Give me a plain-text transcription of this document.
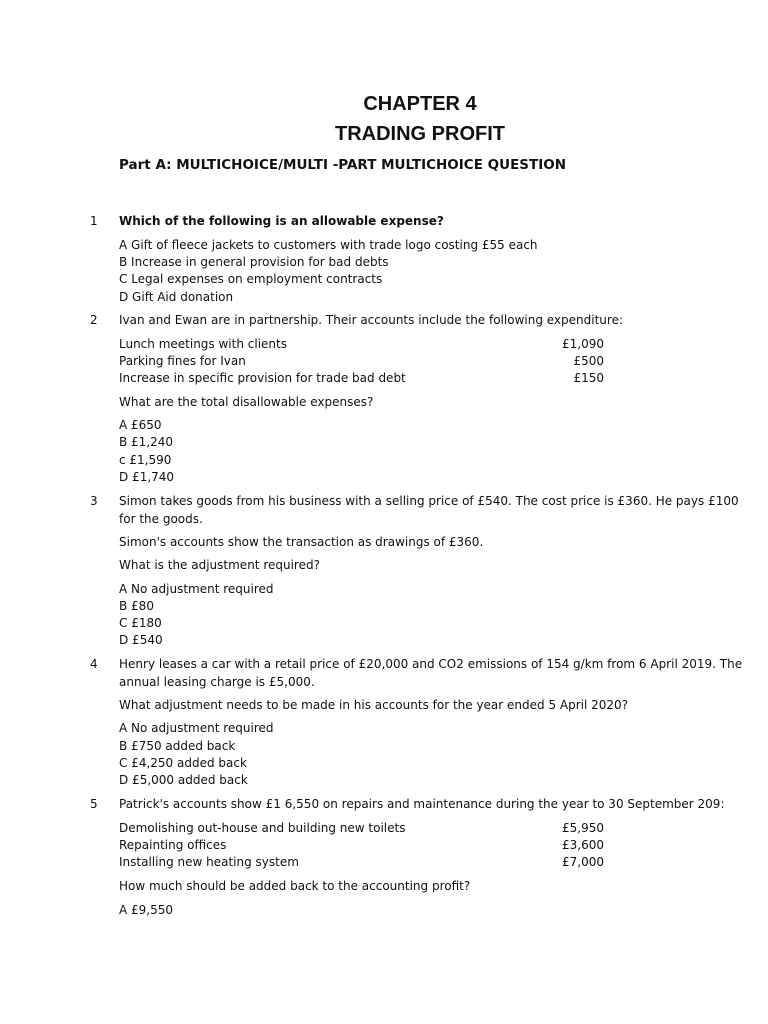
CHAPTER 4
TRADING PROFIT
Part A: MULTICHOICE/MULTI -PART MULTICHOICE QUESTION
1 Which of the following is an allowable expense?
A Gift of fleece jackets to customers with trade logo costing £55 each
B Increase in general provision for bad debts
C Legal expenses on employment contracts
D Gift Aid donation
2 Ivan and Ewan are in partnership. Their accounts include the following expenditure:
Lunch meetings with clients	£1,090
Parking fines for Ivan	£500
Increase in specific provision for trade bad debt	£150
What are the total disallowable expenses?
A £650
B £1,240
c £1,590
D £1,740
3 Simon takes goods from his business with a selling price of £540. The cost price is £360. He pays £100
for the goods.
Simon's accounts show the transaction as drawings of £360.
What is the adjustment required?
A No adjustment required
B £80
C £180
D £540
4 Henry leases a car with a retail price of £20,000 and CO2 emissions of 154 g/km from 6 April 2019. The
annual leasing charge is £5,000.
What adjustment needs to be made in his accounts for the year ended 5 April 2020?
A No adjustment required
B £750 added back
C £4,250 added back
D £5,000 added back
5 Patrick's accounts show £1 6,550 on repairs and maintenance during the year to 30 September 209:
Demolishing out-house and building new toilets	£5,950
Repainting offices	£3,600
Installing new heating system	£7,000
How much should be added back to the accounting profit?
A £9,550
